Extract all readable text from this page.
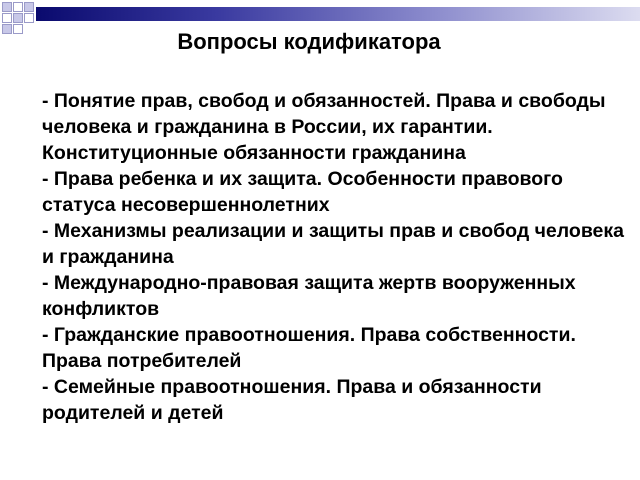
Вопросы кодификатора
- Понятие прав, свобод и обязанностей. Права и свободы человека и гражданина в России, их гарантии. Конституционные обязанности гражданина
- Права ребенка и их защита. Особенности правового статуса несовершеннолетних
- Механизмы реализации и защиты прав и свобод человека и гражданина
- Международно-правовая защита жертв вооруженных конфликтов
- Гражданские правоотношения. Права собственности. Права потребителей
- Семейные правоотношения. Права и обязанности родителей и детей
